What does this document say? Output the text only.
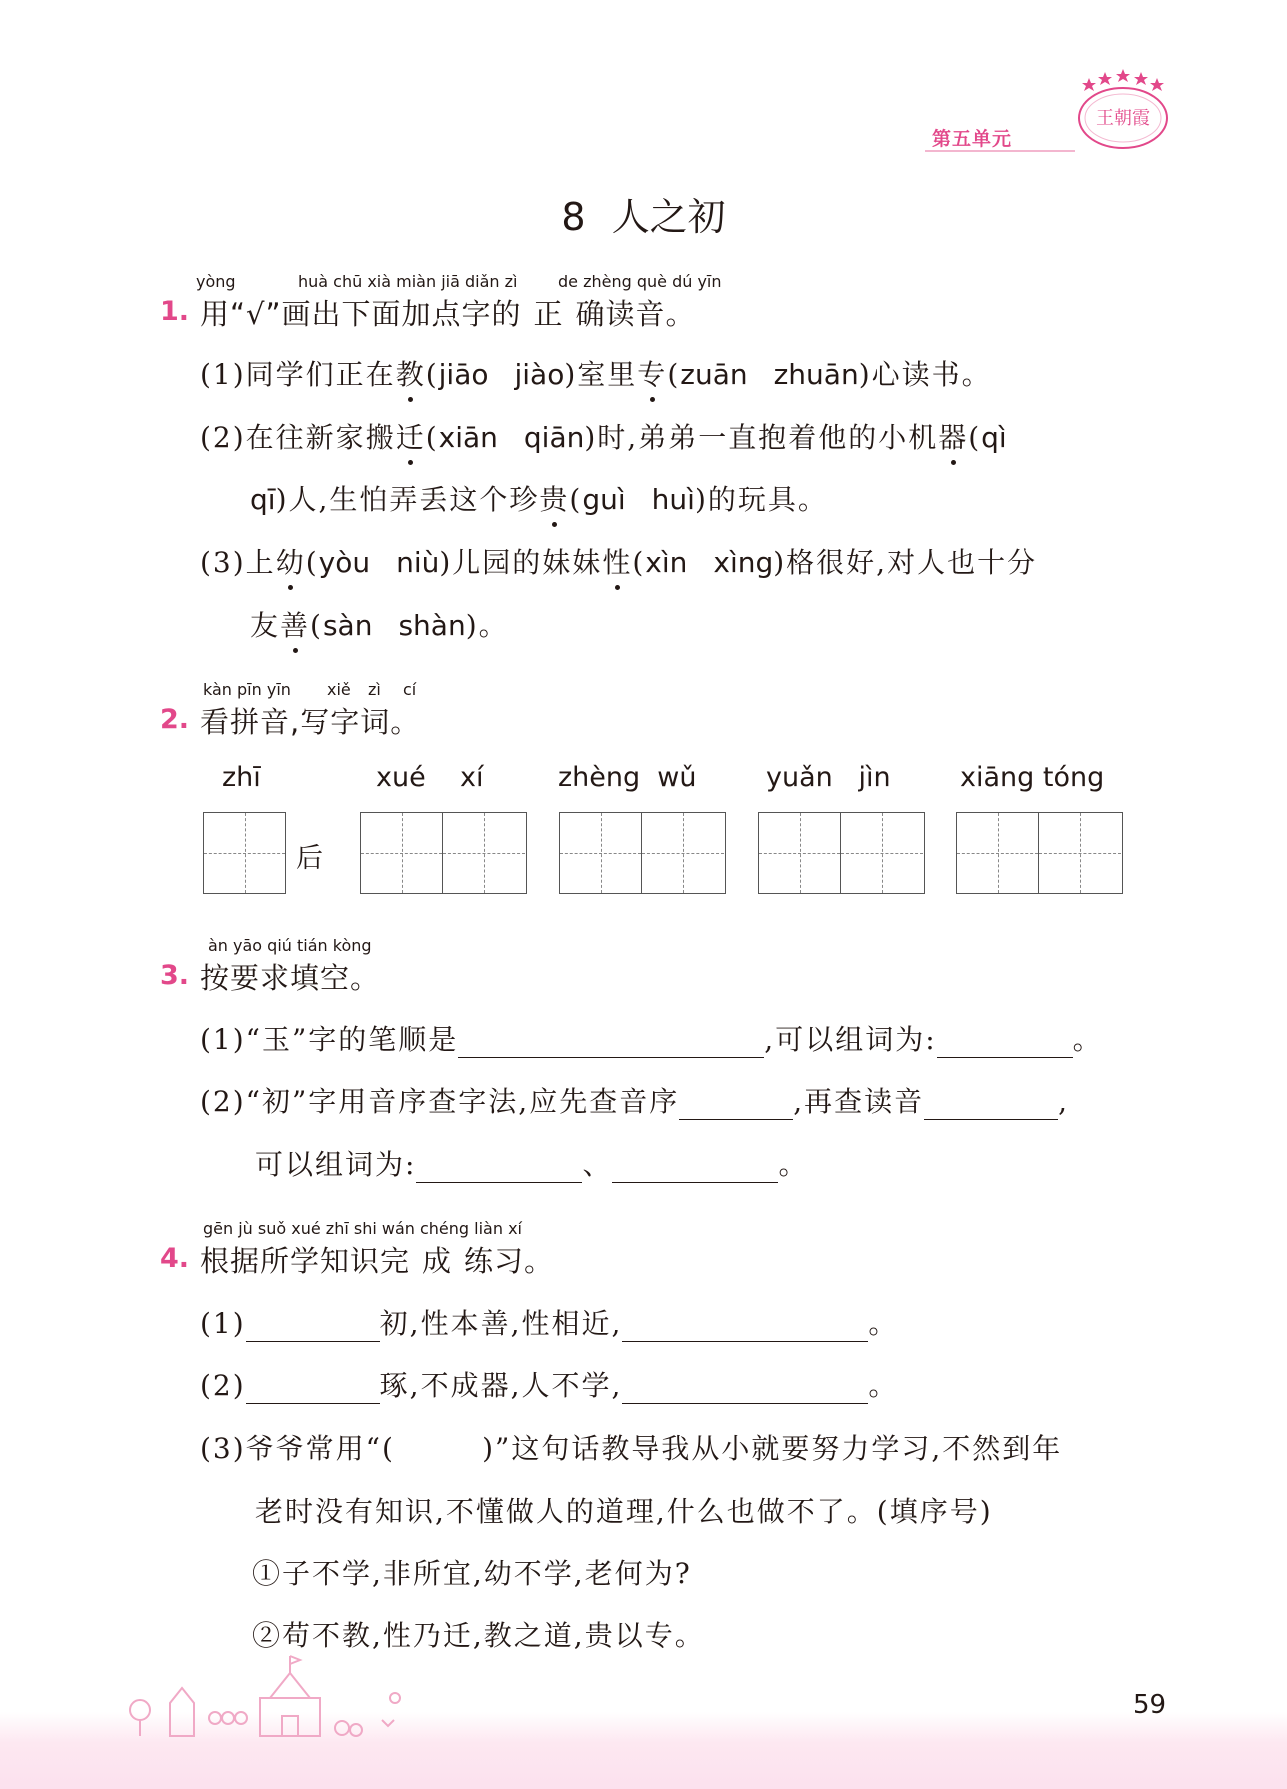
第五单元
王朝霞
8 人之初
yòng	huà chū xià miàn jiā diǎn zì	de zhèng què dú yīn
1. 用“√”画出下面加点字的 正 确读音。
(1)同学们正在教(jiāo jiào)室里专(zuān zhuān)心读书。
(2)在往新家搬迁(xiān qiān)时,弟弟一直抱着他的小机器(qì
qī)人,生怕弄丢这个珍贵(guì huì)的玩具。
(3)上幼(yòu niù)儿园的妹妹性(xìn xìng)格很好,对人也十分
友善(sàn shàn)。
kàn pīn yīn xiě zì cí
2. 看拼音,写字词。
zhī
后
xué    xí	zhèng  wǔ	yuǎn   jìn	xiāng tóng
àn yāo qiú tián kòng
3. 按要求填空。
(1)“玉”字的笔顺是	,可以组词为:	。
(2)“初”字用音序查字法,应先查音序	,再查读音	,
可以组词为:	、	。
gēn jù suǒ xué zhī shi wán chéng liàn xí
4. 根据所学知识完 成 练习。
(1)	初,性本善,性相近,	。
(2)	琢,不成器,人不学,	。
(3)爷爷常用“(        )”这句话教导我从小就要努力学习,不然到年
老时没有知识,不懂做人的道理,什么也做不了。(填序号)
①子不学,非所宜,幼不学,老何为?
②苟不教,性乃迁,教之道,贵以专。
59
